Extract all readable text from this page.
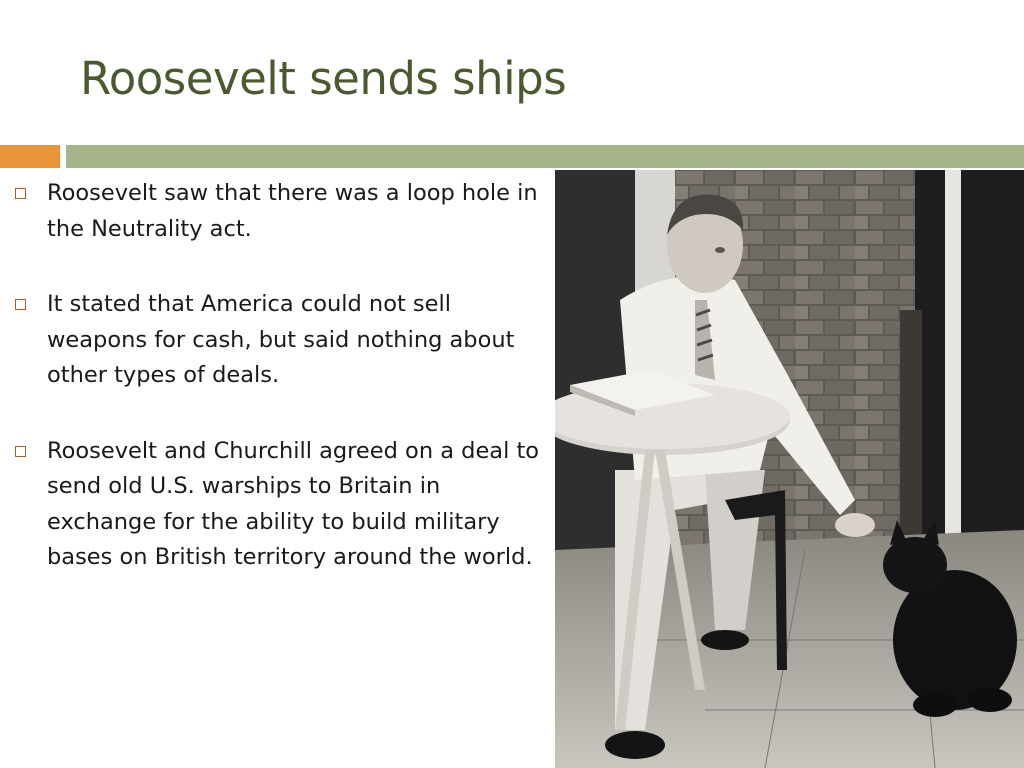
Roosevelt sends ships
Roosevelt saw that there was a loop hole in the Neutrality act.
It stated that America could not sell weapons for cash, but said nothing about other types of deals.
Roosevelt and Churchill agreed on a deal to send old U.S. warships to Britain in exchange for the ability to build military bases on British territory around the world.
